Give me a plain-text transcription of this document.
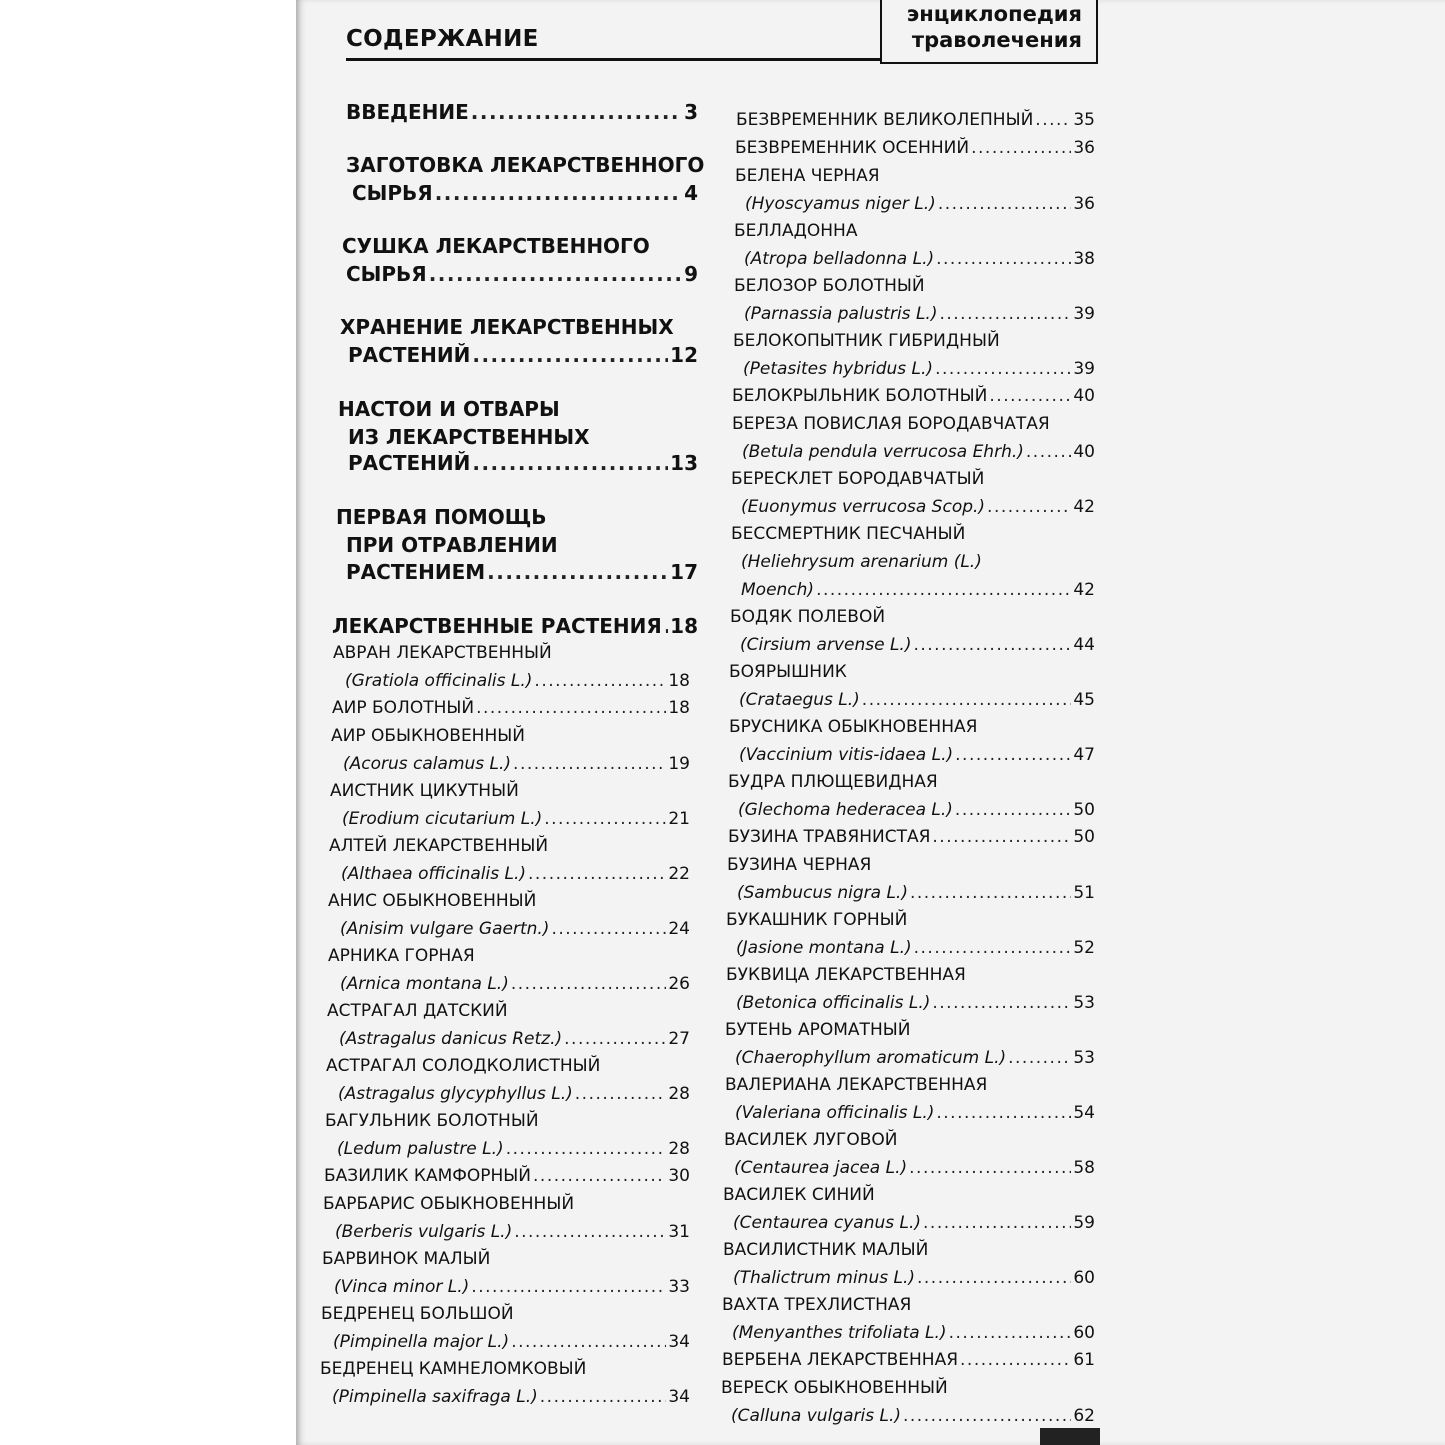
СОДЕРЖАНИЕ
энциклопедия
траволечения
ВВЕДЕНИЕ .....	3
ЗАГОТОВКА ЛЕКАРСТВЕННОГО
СЫРЬЯ .....	4
СУШКА ЛЕКАРСТВЕННОГО
СЫРЬЯ .....	9
ХРАНЕНИЕ ЛЕКАРСТВЕННЫХ
РАСТЕНИЙ .....	12
НАСТОИ И ОТВАРЫ
ИЗ ЛЕКАРСТВЕННЫХ
РАСТЕНИЙ .....	13
ПЕРВАЯ ПОМОЩЬ
ПРИ ОТРАВЛЕНИИ
РАСТЕНИЕМ .....	17
ЛЕКАРСТВЕННЫЕ РАСТЕНИЯ ..... 18
АВРАН ЛЕКАРСТВЕННЫЙ
(Gratiola officinalis L.) .....	18
АИР БОЛОТНЫЙ .....	18
АИР ОБЫКНОВЕННЫЙ
(Acorus calamus L.) .....	19
АИСТНИК ЦИКУТНЫЙ
(Erodium cicutarium L.) .....	21
АЛТЕЙ ЛЕКАРСТВЕННЫЙ
(Althaea officinalis L.) .....	22
АНИС ОБЫКНОВЕННЫЙ
(Anisim vulgare Gaertn.) .....	24
АРНИКА ГОРНАЯ
(Arnica montana L.) .....	26
АСТРАГАЛ ДАТСКИЙ
(Astragalus danicus Retz.) .....	27
АСТРАГАЛ СОЛОДКОЛИСТНЫЙ
(Astragalus glycyphyllus L.) .....	28
БАГУЛЬНИК БОЛОТНЫЙ
(Ledum palustre L.) .....	28
БАЗИЛИК КАМФОРНЫЙ .....	30
БАРБАРИС ОБЫКНОВЕННЫЙ
(Berberis vulgaris L.) .....	31
БАРВИНОК МАЛЫЙ
(Vinca minor L.) .....	33
БЕДРЕНЕЦ БОЛЬШОЙ
(Pimpinella major L.) .....	34
БЕДРЕНЕЦ КАМНЕЛОМКОВЫЙ
(Pimpinella saxifraga L.) .....	34
БЕЗВРЕМЕННИК ВЕЛИКОЛЕПНЫЙ ..... 35
БЕЗВРЕМЕННИК ОСЕННИЙ .....	36
БЕЛЕНА ЧЕРНАЯ
(Hyoscyamus niger L.) .....	36
БЕЛЛАДОННА
(Atropa belladonna L.) .....	38
БЕЛОЗОР БОЛОТНЫЙ
(Parnassia palustris L.) .....	39
БЕЛОКОПЫТНИК ГИБРИДНЫЙ
(Petasites hybridus L.) .....	39
БЕЛОКРЫЛЬНИК БОЛОТНЫЙ .....	40
БЕРЕЗА ПОВИСЛАЯ БОРОДАВЧАТАЯ
(Betula pendula verrucosa Ehrh.) .....	40
БЕРЕСКЛЕТ БОРОДАВЧАТЫЙ
(Euonymus verrucosa Scop.) .....	42
БЕССМЕРТНИК ПЕСЧАНЫЙ
(Heliehrysum arenarium (L.)
Moench) .....	42
БОДЯК ПОЛЕВОЙ
(Cirsium arvense L.) .....	44
БОЯРЫШНИК
(Crataegus L.) .....	45
БРУСНИКА ОБЫКНОВЕННАЯ
(Vaccinium vitis-idaea L.) .....	47
БУДРА ПЛЮЩЕВИДНАЯ
(Glechoma hederacea L.) .....	50
БУЗИНА ТРАВЯНИСТАЯ .....	50
БУЗИНА ЧЕРНАЯ
(Sambucus nigra L.) .....	51
БУКАШНИК ГОРНЫЙ
(Jasione montana L.) .....	52
БУКВИЦА ЛЕКАРСТВЕННАЯ
(Betonica officinalis L.) .....	53
БУТЕНЬ АРОМАТНЫЙ
(Chaerophyllum aromaticum L.) .....	53
ВАЛЕРИАНА ЛЕКАРСТВЕННАЯ
(Valeriana officinalis L.) .....	54
ВАСИЛЕК ЛУГОВОЙ
(Centaurea jacea L.) .....	58
ВАСИЛЕК СИНИЙ
(Centaurea cyanus L.) .....	59
ВАСИЛИСТНИК МАЛЫЙ
(Thalictrum minus L.) .....	60
ВАХТА ТРЕХЛИСТНАЯ
(Menyanthes trifoliata L.) .....	60
ВЕРБЕНА ЛЕКАРСТВЕННАЯ .....	61
ВЕРЕСК ОБЫКНОВЕННЫЙ
(Calluna vulgaris L.) .....	62
